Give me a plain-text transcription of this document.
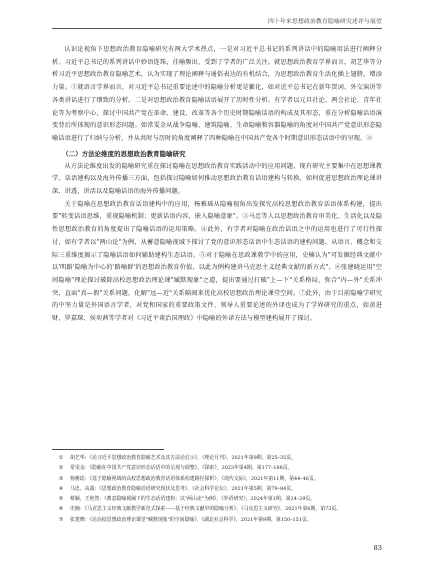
四十年来思想政治教育隐喻研究述评与展望

认识论视角下思想政治教育隐喻研究有两大学术热点，一是对习近平总书记的系列讲话中的隐喻用法进行阐释分析。习近平总书记的系列讲话中妙语连珠，佳喻频出，受到了学者的广泛关注。就思想政治教育学界而言，胡艺华等分析习近平思想政治教育隐喻艺术，认为实现了理论阐释与通俗表达的有机结合，为思想政治教育生活化插上翅膀，增添力量。①就语言学界而言，对习近平总书记重要论述中的隐喻分析更是繁化，如对近平总书记在新年贺词、外交演讲等各类讲话进行了细致的分析。二是对思想政治教育隐喻话语展开了历时性分析。有学者以元旦社论、两会社论、青年社论等为考察中心，探讨中国共产党在革命、建设、改革等各个历史时期隐喻话语的构成及其形态，重在分析隐喻话语演变背后所体现的意识形态问题。如常雯金从战争隐喻、建筑隐喻、生命隐喻和容器隐喻的角度对中国共产党意识形态隐喻话语进行了归纳与分析，并从共时与历时的角度阐释了四种隐喻在中国共产党各个时期意识形态话语中的呈现。②

（二）方法论维度的思想政治教育隐喻研究

从方法论维度出发的隐喻研究重在探讨隐喻在思想政治教育实践活动中的应用问题，现有研究主要集中在思想课教学、话语建构以及海外传播三方面，包括探讨隐喻如何推动思想政治教育话语建构与转换、如何促进思想政治理论课讲深、讲透、讲活以及隐喻话语的海外传播问题。

关于隐喻在思想政治教育话语建构中的应用，杨雅瑶从隐喻视角出发探究高校思想政治教育话语体系构建，提出要"转变话语思维，重视隐喻机制；更新话语内容，嵌入隐喻意象"。③马忠等人以思想政治教育审美化、生活化以及隐性思想政治教育的角度提出了隐喻话语的运用策略。④此外，有学者对隐喻在政治话语之中的运用也进行了可行性探讨，如有学者以"两山论"为例，从蓄意隐喻视域下探讨了党的意识形态话语中生态话语的建构问题，从语言、概念和交际三重维度揭示了隐喻话语如何辅助建构生态话语。⑤对于隐喻在思政课教学中的应用，史楠认为"可发掘经典文献中以'明路'隐喻为中心的'路喻群'的思想政治教育价值，以此为例构建讲马克思主义经典文献的新方式"。⑥张建晓运用"空间隐喻"理论探讨破除高校思想政治理论课"臧默现象"之道，提出要通过打破"上—下"关系格局，弥合"内—外"关系冲突，直面"真—假"关系问题，化解"远—近"关系隔阂来优化高校思想政治理论课堂空间。⑦此外，由于目前隐喻学研究的中坚力量是外国语言学者，对党和国家的重要政策文件、领导人重要论述的外译也成为了学界研究的重点，如黄进财、罗嘉琛、侯奕茜等学者对《习近平谈治国理政》中隐喻的外译方法与模型建构展开了探讨。

①	胡艺华：《论习近平思想政治教育隐喻艺术及其方法论启示》，《理论月刊》，2021年第9期，第25–35页。
②	常雯金：《隐喻在中国共产党意识形态话语中的呈现与调整》，《探索》，2023年第4期，第177–188页。
③	杨雅瑶：《基于隐喻视域的高校思想政治教育话语体系构建路径探析》，《现代交际》，2021年第11期，第44–46页。
④	马忠、高露：《思想政治教育隐喻话语研究现状及思考》，《社会科学论坛》，2021年第5期，第79–84页。
⑤	蔡颖、王艳然：《蓄意隐喻视阈下的生态话语建构：以"两山论"为例》，《外语研究》，2024年第1期，第24–29页。
⑥	史楠：《马克思主义经典文献教学新范式探索——基于经典文献中的隐喻分析》，《马克思主义研究》，2021年第6期，第73页。
⑦	张建晓：《论高校思想政治理论课堂"缄默现象"的空间隐喻》，《湖北社会科学》，2021年第9期，第150–151页。
83
